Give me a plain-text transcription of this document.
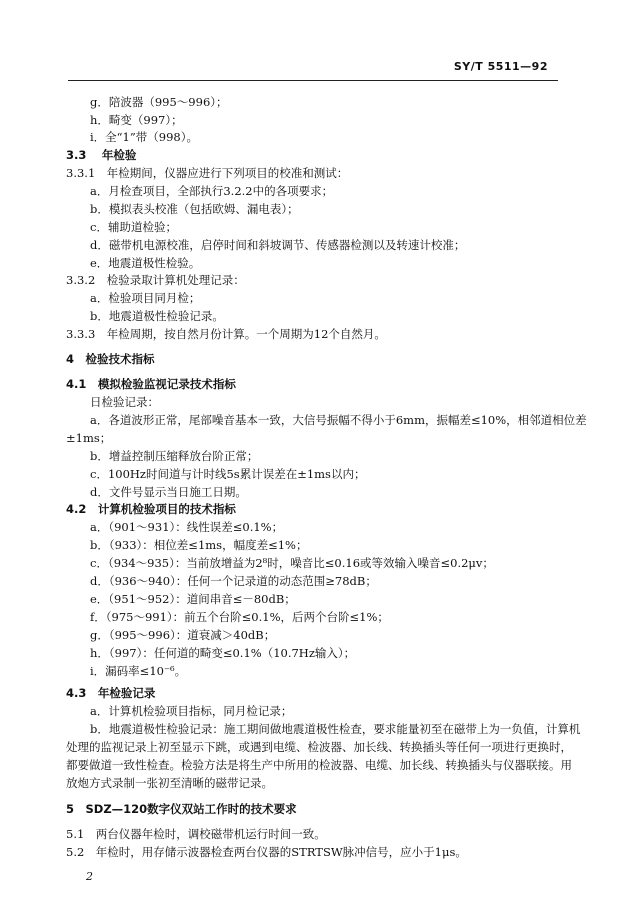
SY/T 5511—92
g．陪波器（995～996）；
h．畸变（997）；
i．全“1”带（998）。
3.3　 年检验
3.3.1　年检期间，仪器应进行下列项目的校准和测试：
a．月检查项目，全部执行3.2.2中的各项要求；
b．模拟表头校准（包括欧姆、漏电表）；
c．辅助道检验；
d．磁带机电源校准，启停时间和斜坡调节、传感器检测以及转速计校准；
e．地震道极性检验。
3.3.2　检验录取计算机处理记录：
a．检验项目同月检；
b．地震道极性检验记录。
3.3.3　年检周期，按自然月份计算。一个周期为12个自然月。
4　检验技术指标
4.1　模拟检验监视记录技术指标
日检验记录：
a．各道波形正常，尾部噪音基本一致，大信号振幅不得小于6mm，振幅差≤10%，相邻道相位差
±1ms；
b．增益控制压缩释放台阶正常；
c．100Hz时间道与计时线5s累计误差在±1ms以内；
d．文件号显示当日施工日期。
4.2　计算机检验项目的技术指标
a．（901～931）：线性误差≤0.1%；
b．（933）：相位差≤1ms，幅度差≤1%；
c．（934～935）：当前放增益为2⁸时，噪音比≤0.16或等效输入噪音≤0.2μv；
d．（936～940）：任何一个记录道的动态范围≥78dB；
e．（951～952）：道间串音≤－80dB；
f．（975～991）：前五个台阶≤0.1%，后两个台阶≤1%；
g．（995～996）：道衰减＞40dB；
h．（997）：任何道的畸变≤0.1%（10.7Hz输入）；
i．漏码率≤10⁻⁶。
4.3　年检验记录
a．计算机检验项目指标，同月检记录；
b．地震道极性检验记录：施工期间做地震道极性检查，要求能量初至在磁带上为一负值，计算机
处理的监视记录上初至显示下跳，或遇到电缆、检波器、加长线、转换插头等任何一项进行更换时，
都要做道一致性检查。检验方法是将生产中所用的检波器、电缆、加长线、转换插头与仪器联接。用
放炮方式录制一张初至清晰的磁带记录。
5　SDZ—120数字仪双站工作时的技术要求
5.1　两台仪器年检时，调校磁带机运行时间一致。
5.2　年检时，用存储示波器检查两台仪器的STRTSW脉冲信号，应小于1μs。
2
